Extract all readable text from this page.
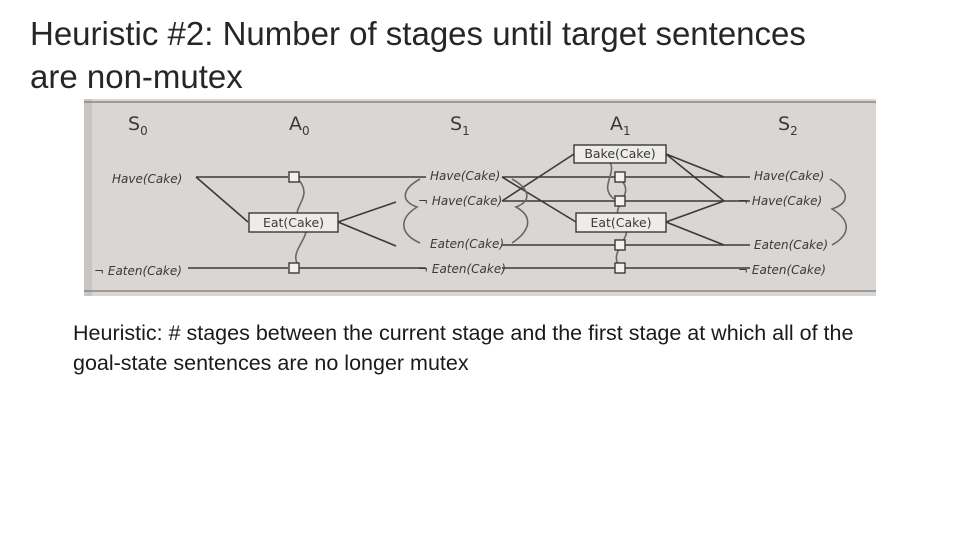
Heuristic #2: Number of stages until target sentences
are non-mutex
$S_0$	$A_0$	$S_1$	$A_1$	$S_2$
Eat(Cake)
Bake(Cake)
Eat(Cake)
Have(Cake)
¬ Eaten(Cake)
Have(Cake)
¬ Have(Cake)
Eaten(Cake)
¬ Eaten(Cake)
Have(Cake)
¬ Have(Cake)
Eaten(Cake)
¬ Eaten(Cake)

Heuristic: # stages between the current stage and the first stage at which all of the goal-state sentences are no longer mutex
